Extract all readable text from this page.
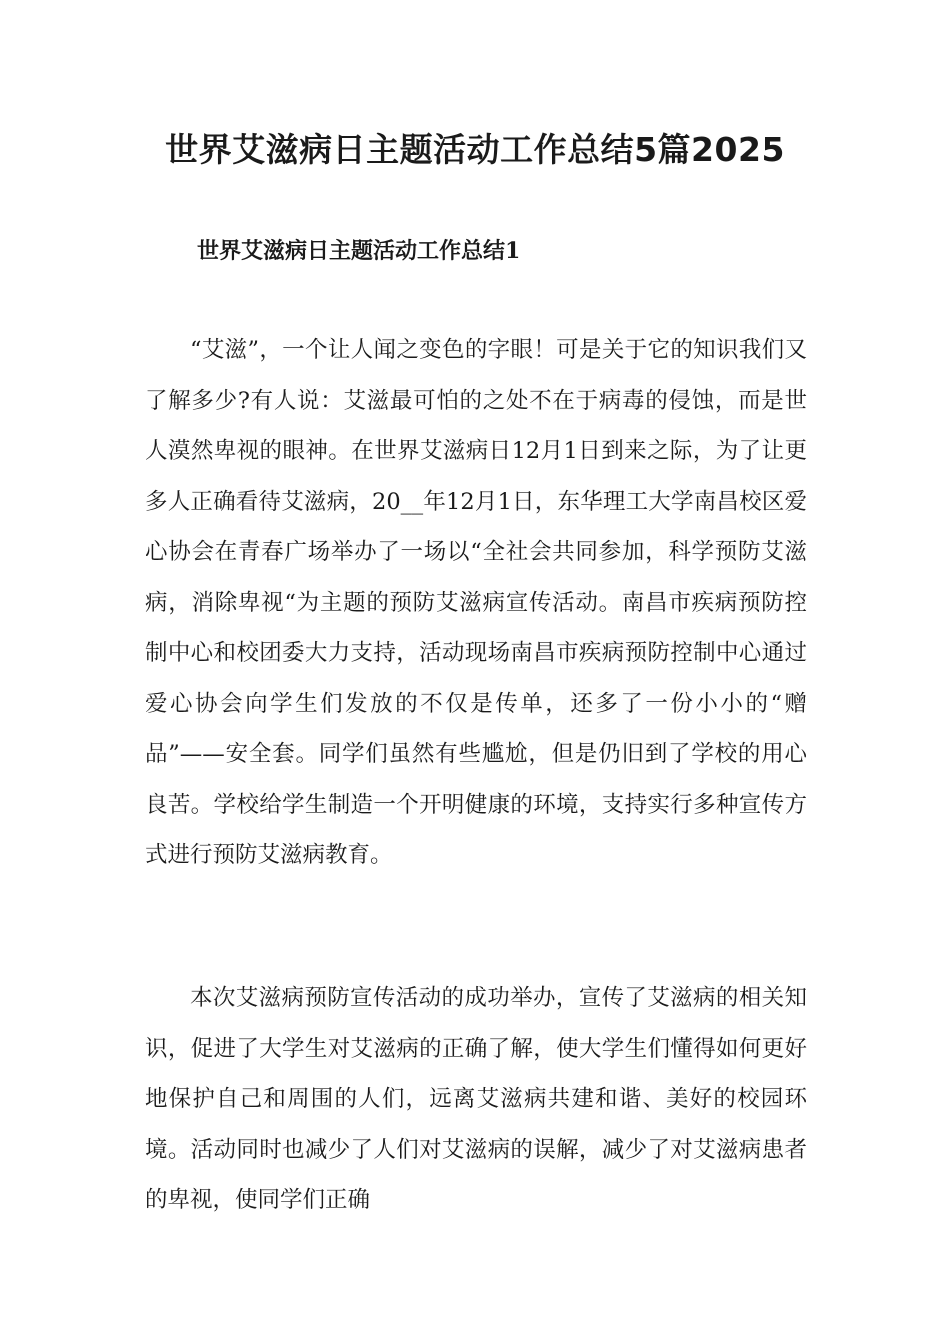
世界艾滋病日主题活动工作总结5篇2025
世界艾滋病日主题活动工作总结1

“艾滋”，一个让人闻之变色的字眼！可是关于它的知识我们又了解多少?有人说：艾滋最可怕的之处不在于病毒的侵蚀，而是世人漠然卑视的眼神。在世界艾滋病日12月1日到来之际，为了让更多人正确看待艾滋病，20__年12月1日，东华理工大学南昌校区爱心协会在青春广场举办了一场以“全社会共同参加，科学预防艾滋病，消除卑视“为主题的预防艾滋病宣传活动。南昌市疾病预防控制中心和校团委大力支持，活动现场南昌市疾病预防控制中心通过爱心协会向学生们发放的不仅是传单，还多了一份小小的“赠品”——安全套。同学们虽然有些尴尬，但是仍旧到了学校的用心良苦。学校给学生制造一个开明健康的环境，支持实行多种宣传方式进行预防艾滋病教育。

本次艾滋病预防宣传活动的成功举办，宣传了艾滋病的相关知识，促进了大学生对艾滋病的正确了解，使大学生们懂得如何更好地保护自己和周围的人们，远离艾滋病共建和谐、美好的校园环境。活动同时也减少了人们对艾滋病的误解，减少了对艾滋病患者的卑视，使同学们正确
